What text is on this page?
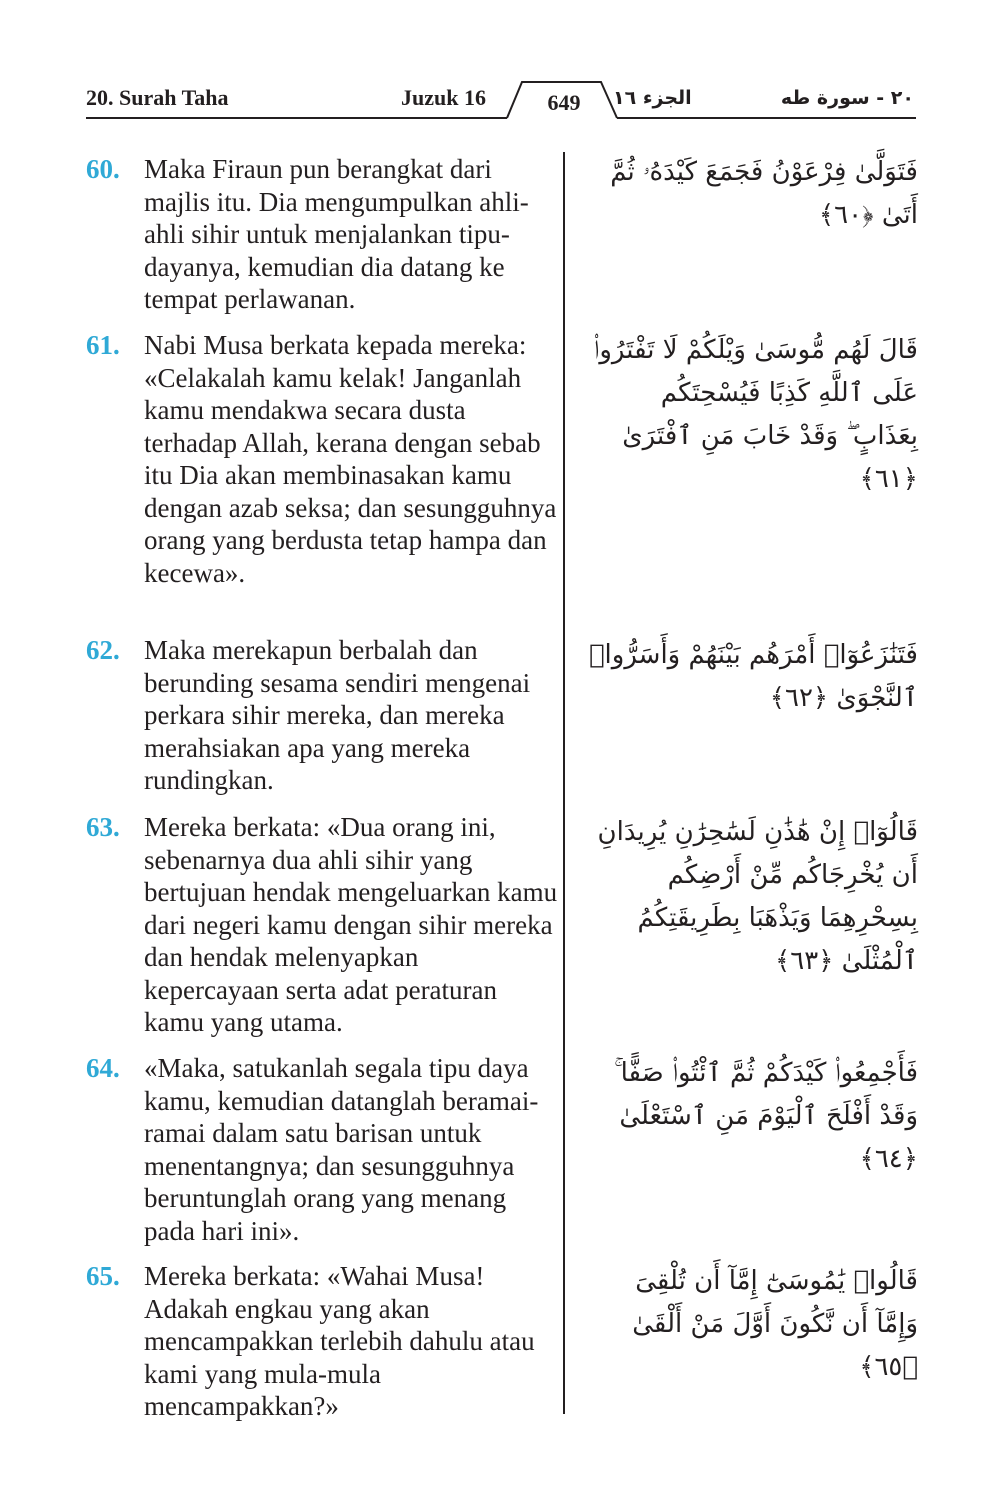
20. Surah Taha	Juzuk 16	649	الجزء ١٦	٢٠ - سورة طه
60. Maka Firaun pun berangkat dari majlis itu. Dia mengumpulkan ahli-ahli sihir untuk menjalankan tipu-dayanya, kemudian dia datang ke tempat perlawanan.

فَتَوَلَّىٰ فِرْعَوْنُ فَجَمَعَ كَيْدَهُۥ ثُمَّ أَتَىٰ ﴿٦٠﴾

61. Nabi Musa berkata kepada mereka: «Celakalah kamu kelak! Janganlah kamu mendakwa secara dusta terhadap Allah, kerana dengan sebab itu Dia akan membinasakan kamu dengan azab seksa; dan sesungguhnya orang yang berdusta tetap hampa dan kecewa».

قَالَ لَهُم مُّوسَىٰ وَيْلَكُمْ لَا تَفْتَرُوا۟ عَلَى ٱللَّهِ كَذِبًا فَيُسْحِتَكُم بِعَذَابٍ ۖ وَقَدْ خَابَ مَنِ ٱفْتَرَىٰ ﴿٦١﴾

62. Maka merekapun berbalah dan berunding sesama sendiri mengenai perkara sihir mereka, dan mereka merahsiakan apa yang mereka rundingkan.

فَتَنَٰزَعُوٓا۟ أَمْرَهُم بَيْنَهُمْ وَأَسَرُّوا۟ ٱلنَّجْوَىٰ ﴿٦٢﴾

63. Mereka berkata: «Dua orang ini, sebenarnya dua ahli sihir yang bertujuan hendak mengeluarkan kamu dari negeri kamu dengan sihir mereka dan hendak melenyapkan kepercayaan serta adat peraturan kamu yang utama.

قَالُوٓا۟ إِنْ هَٰذَٰنِ لَسَٰحِرَٰنِ يُرِيدَانِ أَن يُخْرِجَاكُم مِّنْ أَرْضِكُم بِسِحْرِهِمَا وَيَذْهَبَا بِطَرِيقَتِكُمُ ٱلْمُثْلَىٰ ﴿٦٣﴾

64. «Maka, satukanlah segala tipu daya kamu, kemudian datanglah beramai-ramai dalam satu barisan untuk menentangnya; dan sesungguhnya beruntunglah orang yang menang pada hari ini».

فَأَجْمِعُوا۟ كَيْدَكُمْ ثُمَّ ٱئْتُوا۟ صَفًّا ۚ وَقَدْ أَفْلَحَ ٱلْيَوْمَ مَنِ ٱسْتَعْلَىٰ ﴿٦٤﴾

65. Mereka berkata: «Wahai Musa! Adakah engkau yang akan mencampakkan terlebih dahulu atau kami yang mula-mula mencampakkan?»

قَالُوا۟ يَٰمُوسَىٰٓ إِمَّآ أَن تُلْقِىَ وَإِمَّآ أَن نَّكُونَ أَوَّلَ مَنْ أَلْقَىٰ ﴿٦٥﴾
